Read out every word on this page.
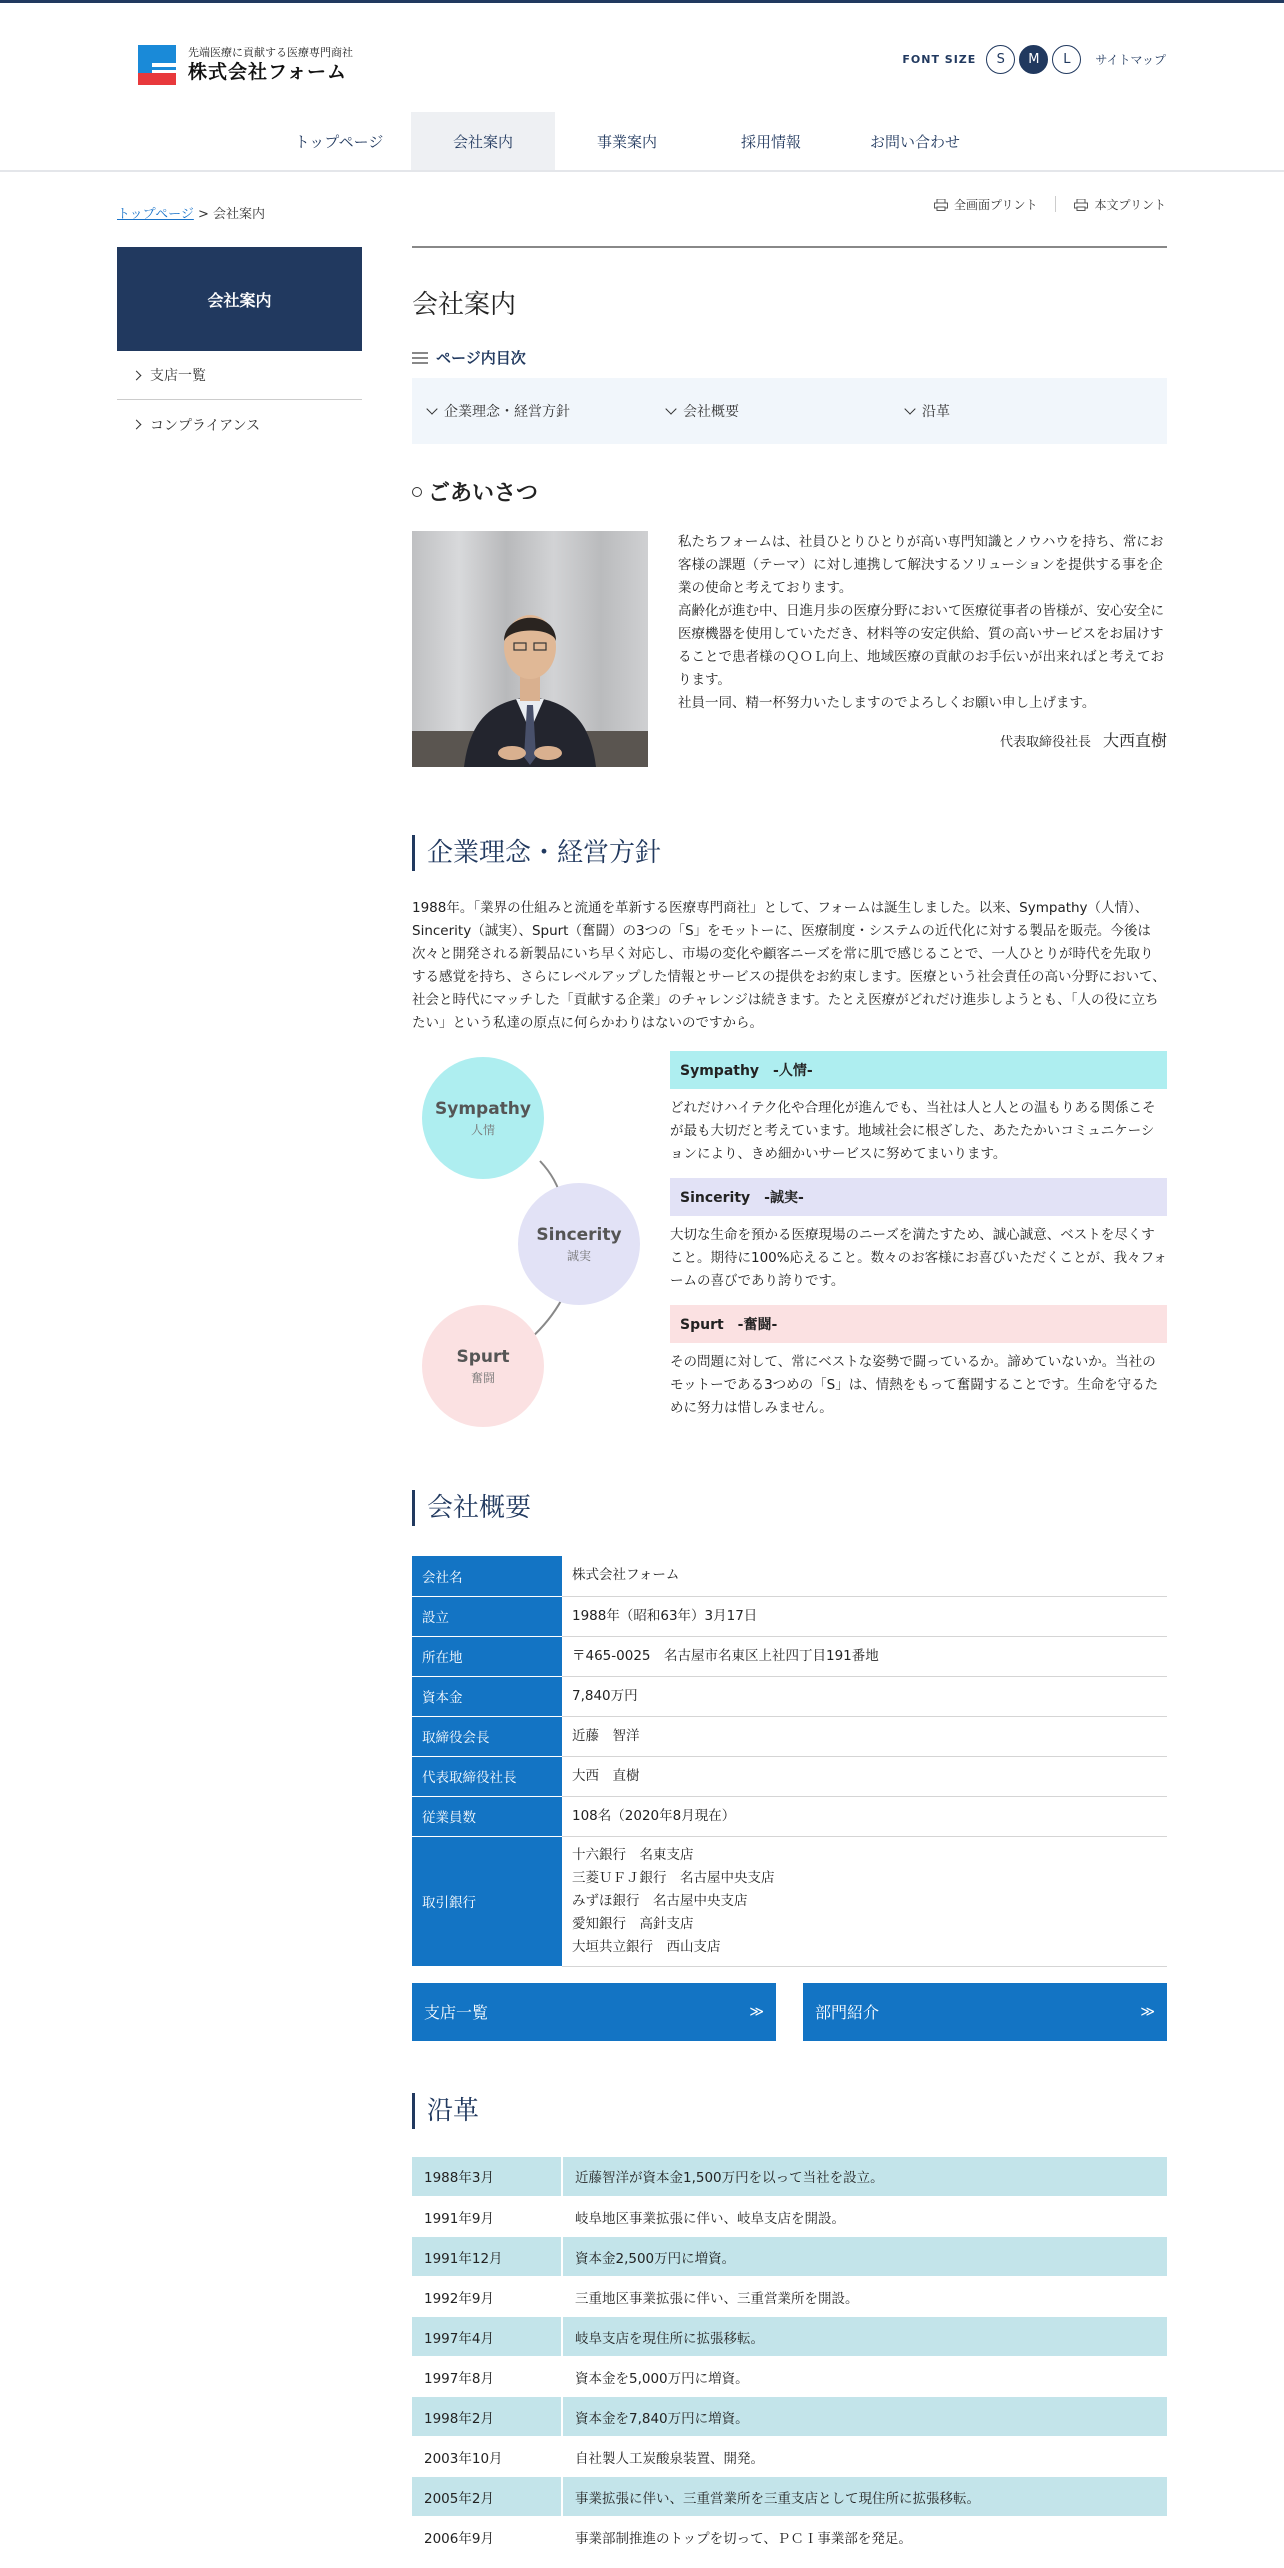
先端医療に貢献する医療専門商社
株式会社フォーム
FONT SIZE	S	M	L	サイトマップ
トップページ	会社案内	事業案内	採用情報	お問い合わせ
トップページ > 会社案内
全画面プリント	本文プリント
会社案内
支店一覧
コンプライアンス
会社案内
ページ内目次
企業理念・経営方針	会社概要	沿革
ごあいさつ

私たちフォームは、社員ひとりひとりが高い専門知識とノウハウを持ち、常にお客様の課題（テーマ）に対し連携して解決するソリューションを提供する事を企業の使命と考えております。

高齢化が進む中、日進月歩の医療分野において医療従事者の皆様が、安心安全に医療機器を使用していただき、材料等の安定供給、質の高いサービスをお届けすることで患者様のＱＯＬ向上、地域医療の貢献のお手伝いが出来ればと考えております。

社員一同、精一杯努力いたしますのでよろしくお願い申し上げます。

代表取締役社長 大西直樹
企業理念・経営方針

1988年。「業界の仕組みと流通を革新する医療専門商社」として、フォームは誕生しました。以来、Sympathy（人情）、Sincerity（誠実）、Spurt（奮闘）の3つの「S」をモットーに、医療制度・システムの近代化に対する製品を販売。今後は次々と開発される新製品にいち早く対応し、市場の変化や顧客ニーズを常に肌で感じることで、一人ひとりが時代を先取りする感覚を持ち、さらにレベルアップした情報とサービスの提供をお約束します。医療という社会責任の高い分野において、社会と時代にマッチした「貢献する企業」のチャレンジは続きます。たとえ医療がどれだけ進歩しようとも、「人の役に立ちたい」という私達の原点に何らかわりはないのですから。

Sympathy
人情
Sincerity
誠実
Spurt
奮闘
Sympathy　-人情-

どれだけハイテク化や合理化が進んでも、当社は人と人との温もりある関係こそが最も大切だと考えています。地域社会に根ざした、あたたかいコミュニケーションにより、きめ細かいサービスに努めてまいります。

Sincerity　-誠実-

大切な生命を預かる医療現場のニーズを満たすため、誠心誠意、ベストを尽くすこと。期待に100%応えること。数々のお客様にお喜びいただくことが、我々フォームの喜びであり誇りです。

Spurt　-奮闘-

その問題に対して、常にベストな姿勢で闘っているか。諦めていないか。当社のモットーである3つめの「S」は、情熱をもって奮闘することです。生命を守るために努力は惜しみません。

会社概要
会社名	株式会社フォーム
設立	1988年（昭和63年）3月17日
所在地	〒465-0025　名古屋市名東区上社四丁目191番地
資本金	7,840万円
取締役会長	近藤　智洋
代表取締役社長	大西　直樹
従業員数	108名（2020年8月現在）
取引銀行	十六銀行　名東支店
三菱ＵＦＪ銀行　名古屋中央支店
みずほ銀行　名古屋中央支店
愛知銀行　高針支店
大垣共立銀行　西山支店
支店一覧	≫	部門紹介	≫
沿革
1988年3月	近藤智洋が資本金1,500万円を以って当社を設立。
1991年9月	岐阜地区事業拡張に伴い、岐阜支店を開設。
1991年12月	資本金2,500万円に増資。
1992年9月	三重地区事業拡張に伴い、三重営業所を開設。
1997年4月	岐阜支店を現住所に拡張移転。
1997年8月	資本金を5,000万円に増資。
1998年2月	資本金を7,840万円に増資。
2003年10月	自社製人工炭酸泉装置、開発。
2005年2月	事業拡張に伴い、三重営業所を三重支店として現住所に拡張移転。
2006年9月	事業部制推進のトップを切って、ＰＣＩ事業部を発足。
